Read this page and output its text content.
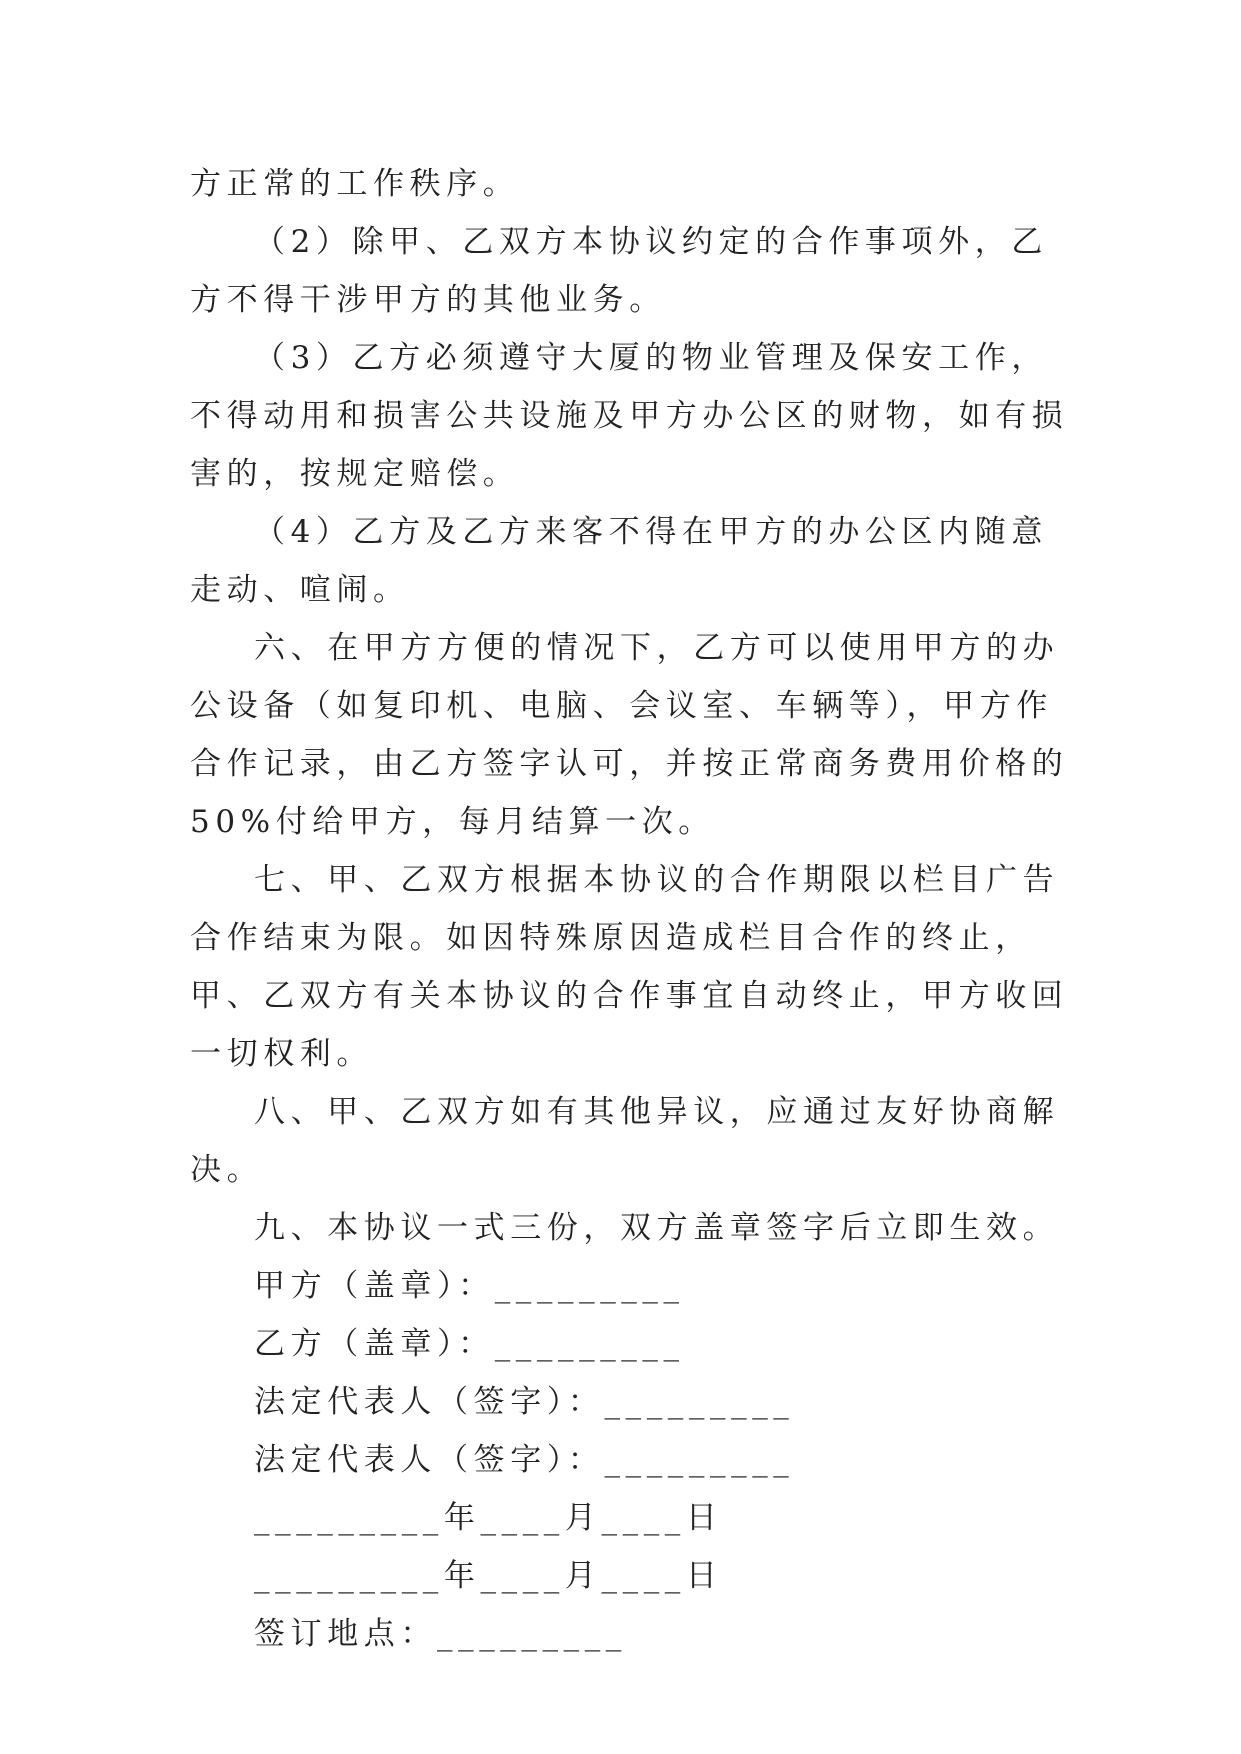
方正常的工作秩序。

（2）除甲、乙双方本协议约定的合作事项外，乙方不得干涉甲方的其他业务。

（3）乙方必须遵守大厦的物业管理及保安工作，不得动用和损害公共设施及甲方办公区的财物，如有损害的，按规定赔偿。

（4）乙方及乙方来客不得在甲方的办公区内随意走动、喧闹。

六、在甲方方便的情况下，乙方可以使用甲方的办公设备（如复印机、电脑、会议室、车辆等），甲方作合作记录，由乙方签字认可，并按正常商务费用价格的50%付给甲方，每月结算一次。

七、甲、乙双方根据本协议的合作期限以栏目广告合作结束为限。如因特殊原因造成栏目合作的终止，甲、乙双方有关本协议的合作事宜自动终止，甲方收回一切权利。

八、甲、乙双方如有其他异议，应通过友好协商解决。

九、本协议一式三份，双方盖章签字后立即生效。

甲方（盖章）：_________

乙方（盖章）：_________

法定代表人（签字）：_________

法定代表人（签字）：_________

_________年____月____日

_________年____月____日

签订地点：_________
